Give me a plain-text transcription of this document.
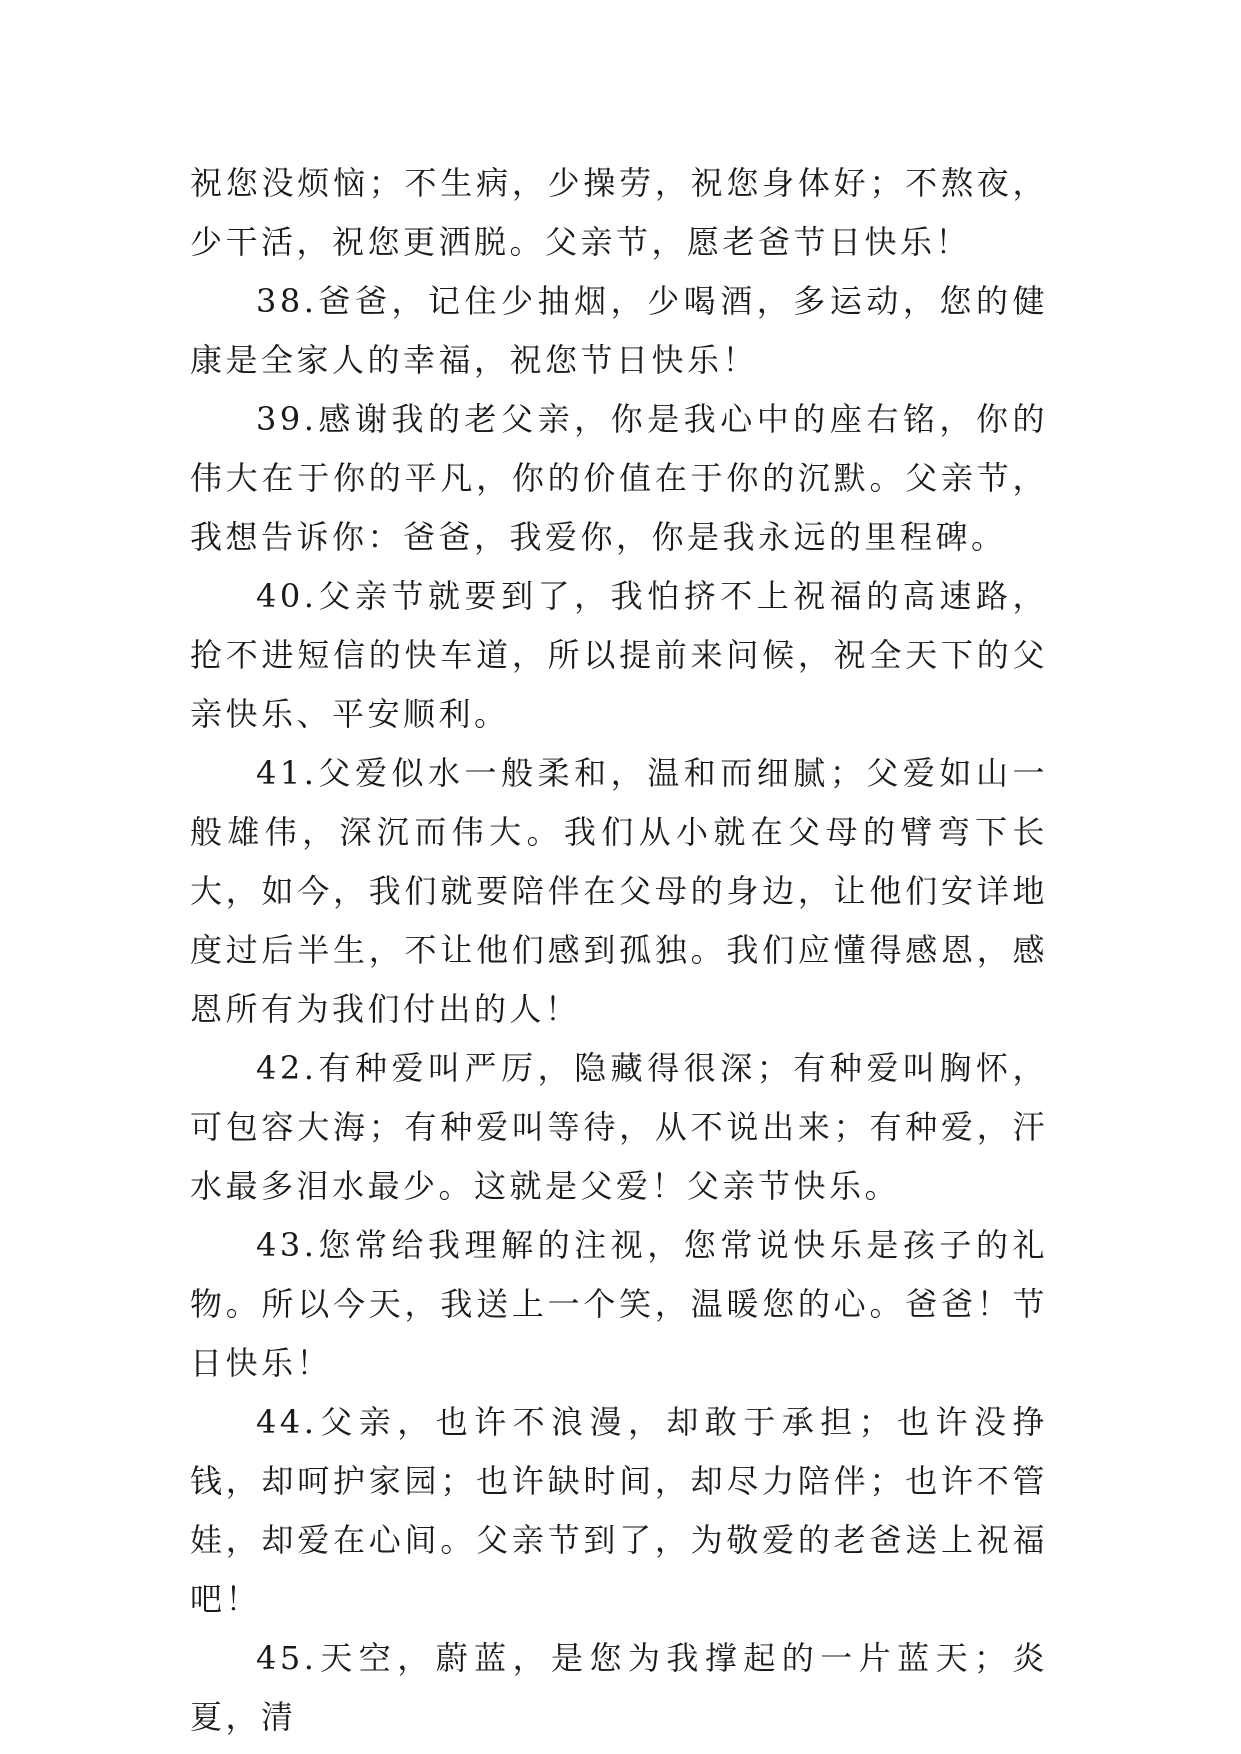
祝您没烦恼；不生病，少操劳，祝您身体好；不熬夜，少干活，祝您更洒脱。父亲节，愿老爸节日快乐！

38.爸爸，记住少抽烟，少喝酒，多运动，您的健康是全家人的幸福，祝您节日快乐！

39.感谢我的老父亲，你是我心中的座右铭，你的伟大在于你的平凡，你的价值在于你的沉默。父亲节，我想告诉你：爸爸，我爱你，你是我永远的里程碑。

40.父亲节就要到了，我怕挤不上祝福的高速路，抢不进短信的快车道，所以提前来问候，祝全天下的父亲快乐、平安顺利。

41.父爱似水一般柔和，温和而细腻；父爱如山一般雄伟，深沉而伟大。我们从小就在父母的臂弯下长大，如今，我们就要陪伴在父母的身边，让他们安详地度过后半生，不让他们感到孤独。我们应懂得感恩，感恩所有为我们付出的人！

42.有种爱叫严厉，隐藏得很深；有种爱叫胸怀，可包容大海；有种爱叫等待，从不说出来；有种爱，汗水最多泪水最少。这就是父爱！父亲节快乐。

43.您常给我理解的注视，您常说快乐是孩子的礼物。所以今天，我送上一个笑，温暖您的心。爸爸！节日快乐！

44.父亲，也许不浪漫，却敢于承担；也许没挣钱，却呵护家园；也许缺时间，却尽力陪伴；也许不管娃，却爱在心间。父亲节到了，为敬爱的老爸送上祝福吧！

45.天空，蔚蓝，是您为我撑起的一片蓝天；炎夏，清
